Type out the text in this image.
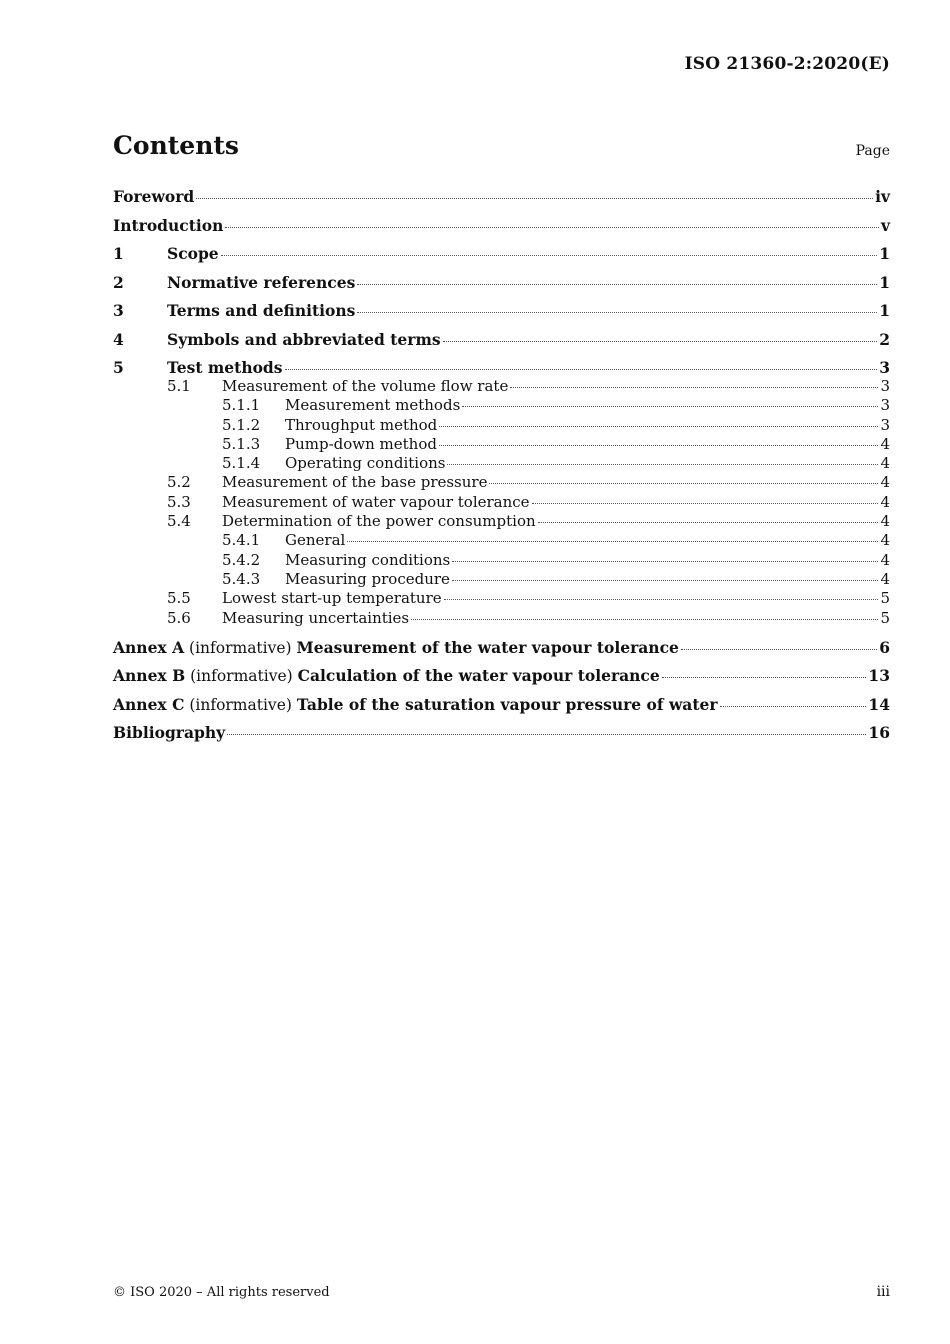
ISO 21360-2:2020(E)
Contents	Page
Foreword	iv
Introduction	v
1	Scope	1
2	Normative references	1
3	Terms and definitions	1
4	Symbols and abbreviated terms	2
5	Test methods	3
5.1	Measurement of the volume flow rate	3
5.1.1	Measurement methods	3
5.1.2	Throughput method	3
5.1.3	Pump-down method	4
5.1.4	Operating conditions	4
5.2	Measurement of the base pressure	4
5.3	Measurement of water vapour tolerance	4
5.4	Determination of the power consumption	4
5.4.1	General	4
5.4.2	Measuring conditions	4
5.4.3	Measuring procedure	4
5.5	Lowest start-up temperature	5
5.6	Measuring uncertainties	5
Annex A (informative) Measurement of the water vapour tolerance	6
Annex B (informative) Calculation of the water vapour tolerance	13
Annex C (informative) Table of the saturation vapour pressure of water	14
Bibliography	16
© ISO 2020 – All rights reserved	iii
